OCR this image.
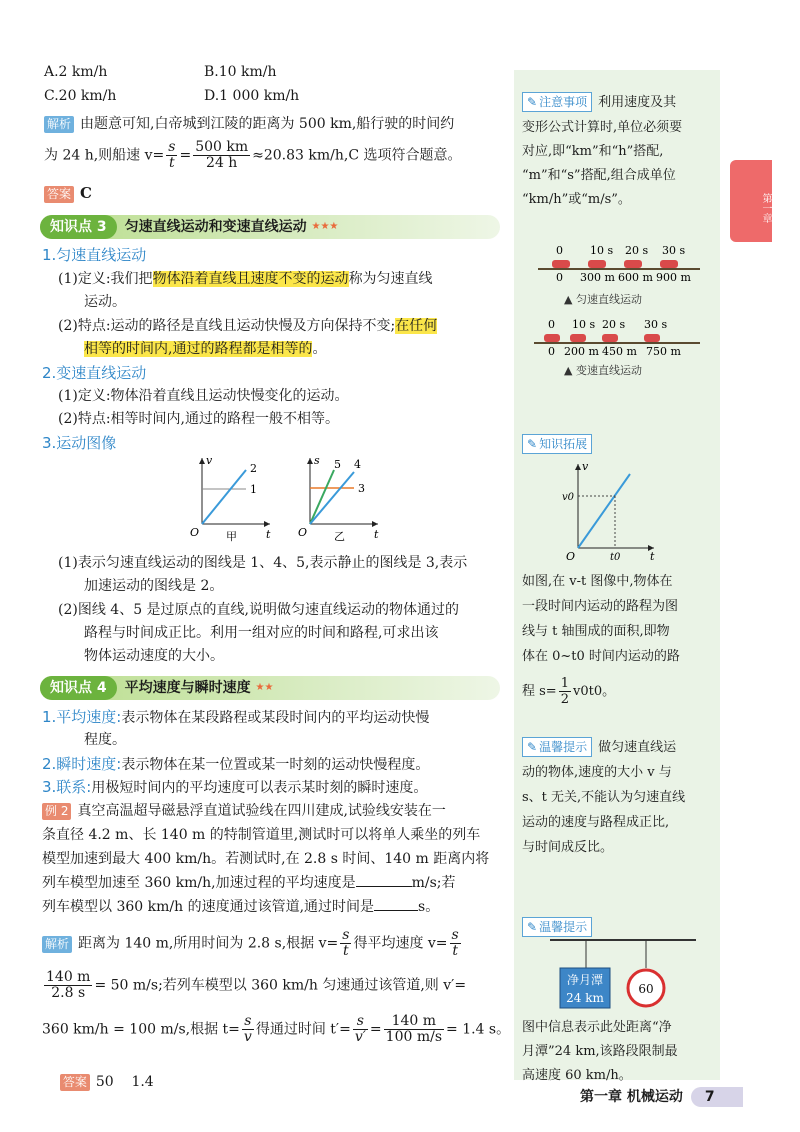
A.2 km/h	B.10 km/h
C.20 km/h	D.1 000 km/h
解析 由题意可知,白帝城到江陵的距离为 500 km,船行驶的时间约
为 24 h,则船速 $v= \frac{s}{t} = \frac{500 km}{24 h} \approx 20.83$ km/h,C 选项符合题意。
答案 C
知识点 3 匀速直线运动和变速直线运动 ★★★
1.匀速直线运动
(1)定义:我们把物体沿着直线且速度不变的运动称为匀速直线
运动。
(2)特点:运动的路径是直线且运动快慢及方向保持不变;在任何
相等的时间内,通过的路程都是相等的。
2.变速直线运动
(1)定义:物体沿着直线且运动快慢变化的运动。
(2)特点:相等时间内,通过的路程一般不相等。
3.运动图像
v
t
O
1
2
甲
s
t
O
3
5 4
乙
(1)表示匀速直线运动的图线是 1、4、5,表示静止的图线是 3,表示
加速运动的图线是 2。
(2)图线 4、5 是过原点的直线,说明做匀速直线运动的物体通过的
路程与时间成正比。利用一组对应的时间和路程,可求出该
物体运动速度的大小。
知识点 4 平均速度与瞬时速度 ★★
1.平均速度:表示物体在某段路程或某段时间内的平均运动快慢
程度。
2.瞬时速度:表示物体在某一位置或某一时刻的运动快慢程度。
3.联系:用极短时间内的平均速度可以表示某时刻的瞬时速度。
例 2 真空高温超导磁悬浮直道试验线在四川建成,试验线安装在一
条直径 4.2 m、长 140 m 的特制管道里,测试时可以将单人乘坐的列车
模型加速到最大 400 km/h。若测试时,在 2.8 s 时间、140 m 距离内将
列车模型加速至 360 km/h,加速过程的平均速度是	m/s;若
列车模型以 360 km/h 的速度通过该管道,通过时间是	s。
解析 距离为 140 m,所用时间为 2.8 s,根据 $v= \frac{s}{t}$ 得平均速度 $v= \frac{s}{t}$
$\frac{140 m}{2.8 s} = 50$ m/s;若列车模型以 360 km/h 匀速通过该管道,则 v′=
360 km/h = 100 m/s,根据 $t= \frac{s}{v}$ 得通过时间 $t'= \frac{s}{v'} = \frac{140 m}{100 m/s} = 1.4$ s。

答案 50    1.4

✎ 注意事项 利用速度及其
变形公式计算时,单位必须要
对应,即“km”和“h”搭配,
“m”和“s”搭配,组合成单位
“km/h”或“m/s”。
0 10 s 20 s 30 s
0 300 m 600 m 900 m
▲ 匀速直线运动
0 10 s 20 s 30 s
0 200 m 450 m 750 m
▲ 变速直线运动
✎ 知识拓展
v
t
O
v0
t0
如图,在 v-t 图像中,物体在
一段时间内运动的路程为图
线与 t 轴围成的面积,即物
体在 0~t0 时间内运动的路
程 $s= \frac{1}{2} v0t0$。
✎ 温馨提示 做匀速直线运
动的物体,速度的大小 v 与
s、t 无关,不能认为匀速直线
运动的速度与路程成正比,
与时间成反比。
✎ 温馨提示
净月潭
24 km
60
图中信息表示此处距离“净
月潭”24 km,该路段限制最
高速度 60 km/h。
第一章
第一章 机械运动 7
